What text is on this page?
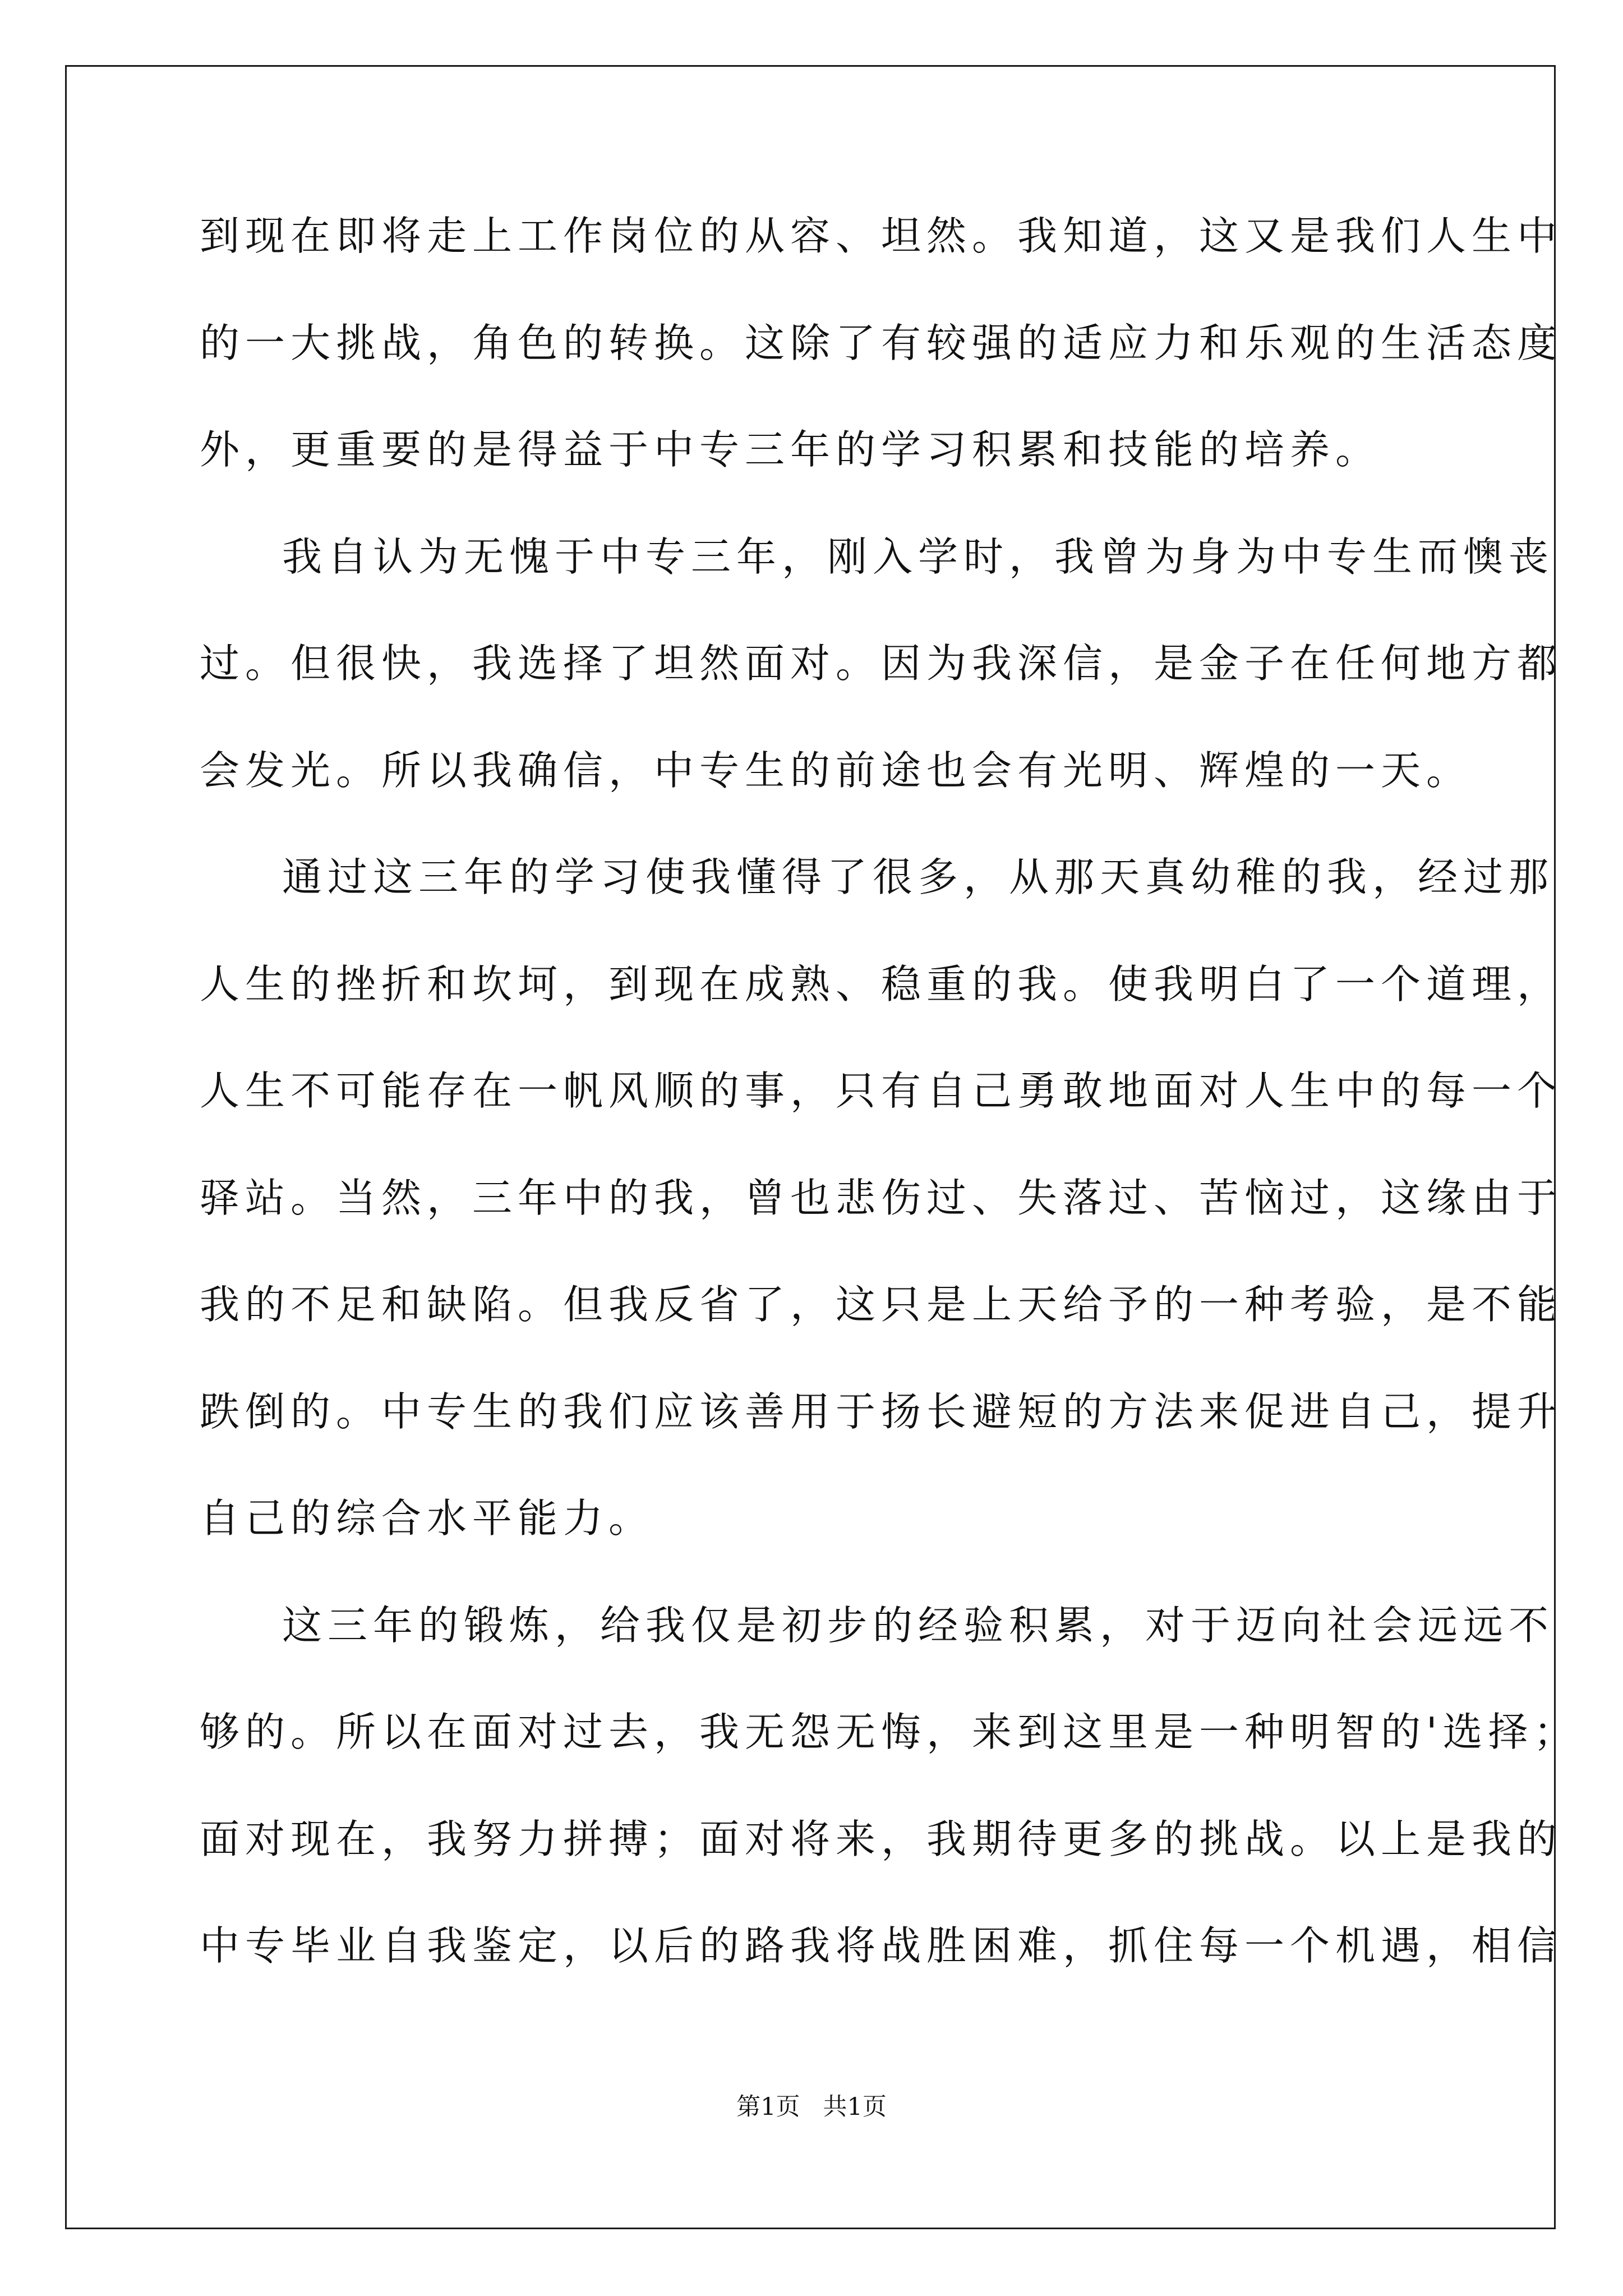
到现在即将走上工作岗位的从容、坦然。我知道，这又是我们人生中
的一大挑战，角色的转换。这除了有较强的适应力和乐观的生活态度
外，更重要的是得益于中专三年的学习积累和技能的培养。
我自认为无愧于中专三年，刚入学时，我曾为身为中专生而懊丧
过。但很快，我选择了坦然面对。因为我深信，是金子在任何地方都
会发光。所以我确信，中专生的前途也会有光明、辉煌的一天。
通过这三年的学习使我懂得了很多，从那天真幼稚的我，经过那
人生的挫折和坎坷，到现在成熟、稳重的我。使我明白了一个道理，
人生不可能存在一帆风顺的事，只有自己勇敢地面对人生中的每一个
驿站。当然，三年中的我，曾也悲伤过、失落过、苦恼过，这缘由于
我的不足和缺陷。但我反省了，这只是上天给予的一种考验，是不能
跌倒的。中专生的我们应该善用于扬长避短的方法来促进自己，提升
自己的综合水平能力。
这三年的锻炼，给我仅是初步的经验积累，对于迈向社会远远不
够的。所以在面对过去，我无怨无悔，来到这里是一种明智的'选择；
面对现在，我努力拼搏；面对将来，我期待更多的挑战。以上是我的
中专毕业自我鉴定，以后的路我将战胜困难，抓住每一个机遇，相信
第1页   共1页
